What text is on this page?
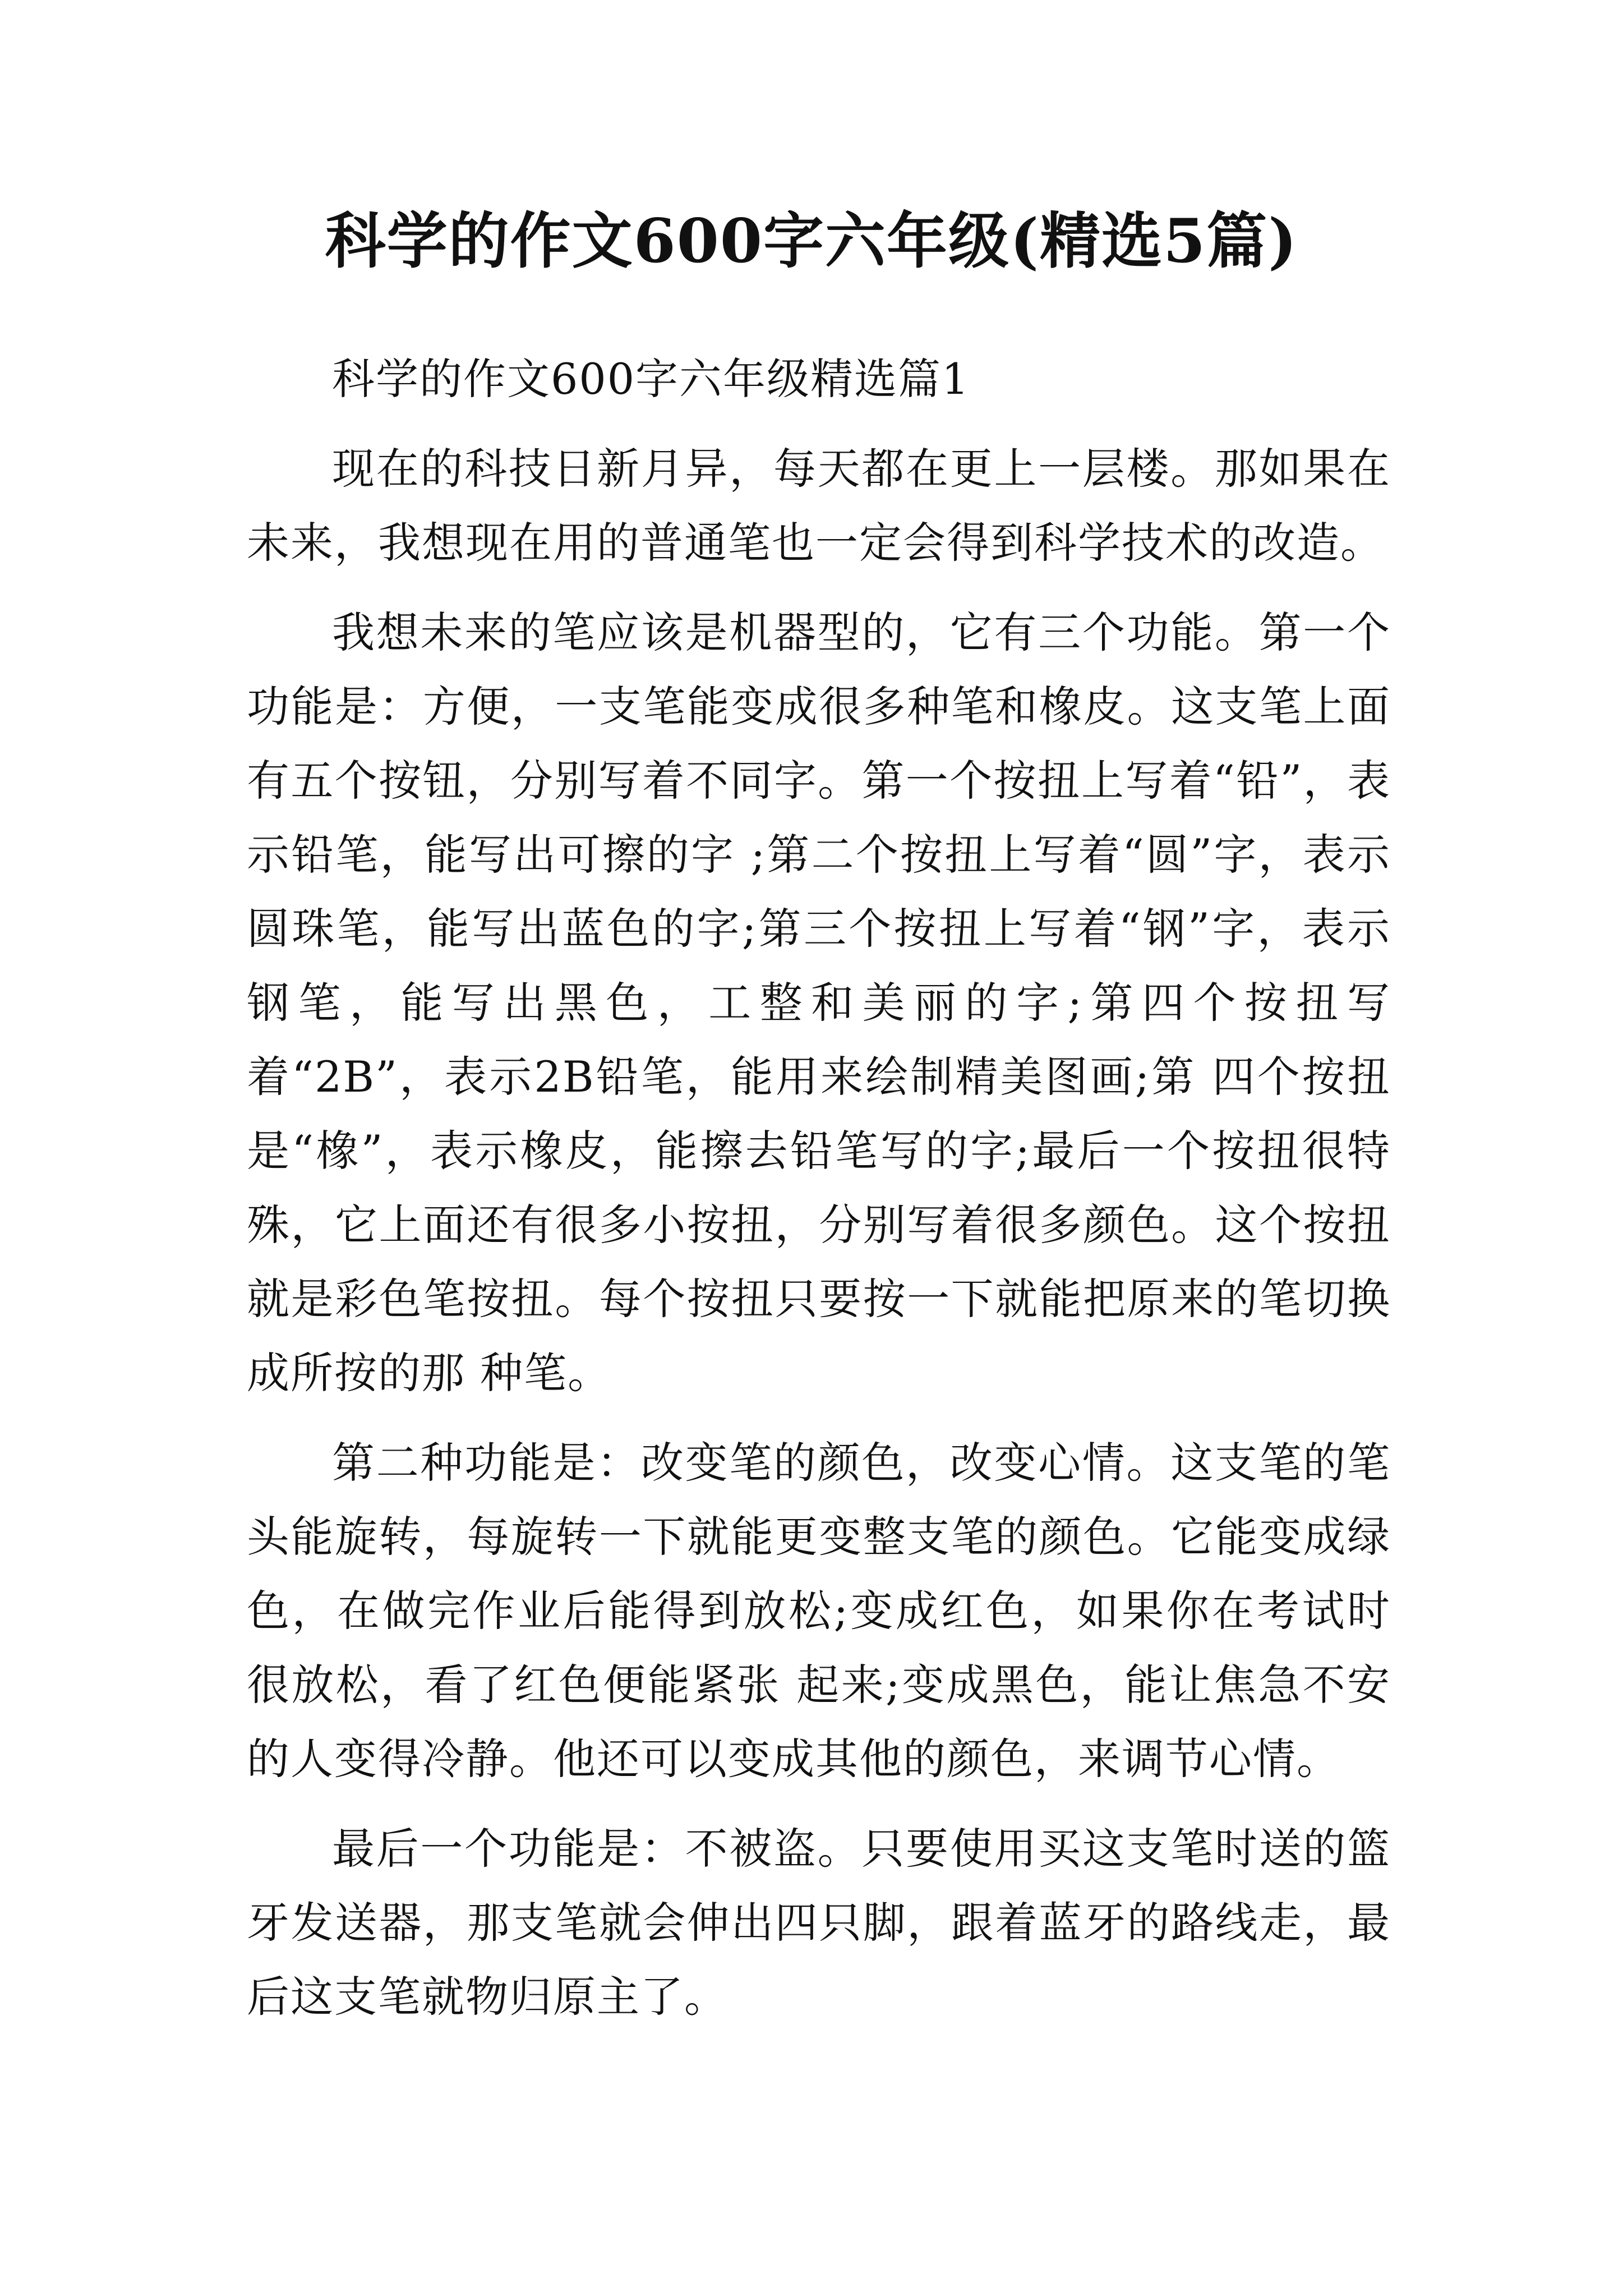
科学的作文600字六年级(精选5篇)

科学的作文600字六年级精选篇1

现在的科技日新月异，每天都在更上一层楼。那如果在未来，我想现在用的普通笔也一定会得到科学技术的改造。

我想未来的笔应该是机器型的，它有三个功能。第一个功能是：方便，一支笔能变成很多种笔和橡皮。这支笔上面有五个按钮，分别写着不同字。第一个按扭上写着“铅”，表示铅笔，能写出可擦的字 ;第二个按扭上写着“圆”字，表示圆珠笔，能写出蓝色的字;第三个按扭上写着“钢”字，表示钢笔，能写出黑色，工整和美丽的字;第四个按扭写着“2B”，表示2B铅笔，能用来绘制精美图画;第 四个按扭是“橡”，表示橡皮，能擦去铅笔写的字;最后一个按扭很特殊，它上面还有很多小按扭，分别写着很多颜色。这个按扭就是彩色笔按扭。每个按扭只要按一下就能把原来的笔切换成所按的那 种笔。

第二种功能是：改变笔的颜色，改变心情。这支笔的笔头能旋转，每旋转一下就能更变整支笔的颜色。它能变成绿色，在做完作业后能得到放松;变成红色，如果你在考试时很放松，看了红色便能紧张 起来;变成黑色，能让焦急不安的人变得冷静。他还可以变成其他的颜色，来调节心情。

最后一个功能是：不被盗。只要使用买这支笔时送的篮牙发送器，那支笔就会伸出四只脚，跟着蓝牙的路线走，最后这支笔就物归原主了。
